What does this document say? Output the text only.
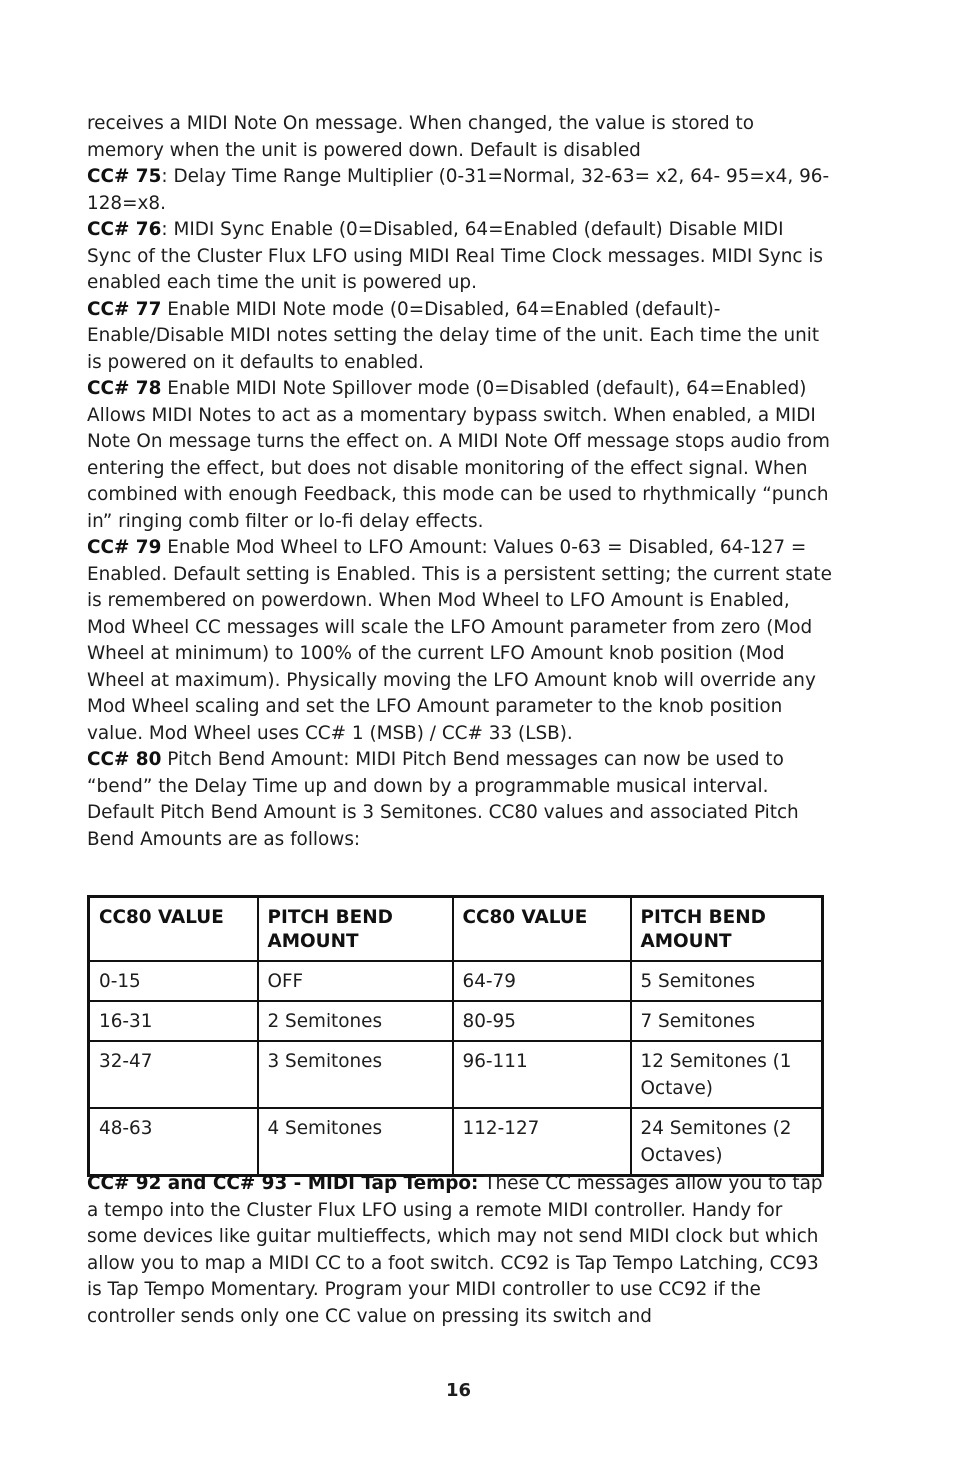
receives a MIDI Note On message. When changed, the value is stored to memory when the unit is powered down. Default is disabled

CC# 75: Delay Time Range Multiplier (0-31=Normal, 32-63= x2, 64- 95=x4, 96-128=x8.

CC# 76: MIDI Sync Enable (0=Disabled, 64=Enabled (default) Disable MIDI Sync of the Cluster Flux LFO using MIDI Real Time Clock messages. MIDI Sync is enabled each time the unit is powered up.

CC# 77 Enable MIDI Note mode (0=Disabled, 64=Enabled (default)- Enable/Disable MIDI notes setting the delay time of the unit. Each time the unit is powered on it defaults to enabled.

CC# 78 Enable MIDI Note Spillover mode (0=Disabled (default), 64=Enabled) Allows MIDI Notes to act as a momentary bypass switch. When enabled, a MIDI Note On message turns the effect on. A MIDI Note Off message stops audio from entering the effect, but does not disable monitoring of the effect signal. When combined with enough Feedback, this mode can be used to rhythmically “punch in” ringing comb filter or lo-fi delay effects.

CC# 79 Enable Mod Wheel to LFO Amount: Values 0-63 = Disabled, 64-127 = Enabled. Default setting is Enabled. This is a persistent setting; the current state is remembered on powerdown. When Mod Wheel to LFO Amount is Enabled, Mod Wheel CC messages will scale the LFO Amount parameter from zero (Mod Wheel at minimum) to 100% of the current LFO Amount knob position (Mod Wheel at maximum). Physically moving the LFO Amount knob will override any Mod Wheel scaling and set the LFO Amount parameter to the knob position value. Mod Wheel uses CC# 1 (MSB) / CC# 33 (LSB).

CC# 80 Pitch Bend Amount: MIDI Pitch Bend messages can now be used to “bend” the Delay Time up and down by a programmable musical interval. Default Pitch Bend Amount is 3 Semitones. CC80 values and associated Pitch Bend Amounts are as follows:

CC80 VALUE	PITCH BEND AMOUNT	CC80 VALUE	PITCH BEND AMOUNT
0-15	OFF	64-79	5 Semitones
16-31	2 Semitones	80-95	7 Semitones
32-47	3 Semitones	96-111	12 Semitones (1 Octave)
48-63	4 Semitones	112-127	24 Semitones (2 Octaves)

CC# 92 and CC# 93 - MIDI Tap Tempo: These CC messages allow you to tap a tempo into the Cluster Flux LFO using a remote MIDI controller. Handy for some devices like guitar multieffects, which may not send MIDI clock but which allow you to map a MIDI CC to a foot switch. CC92 is Tap Tempo Latching, CC93 is Tap Tempo Momentary. Program your MIDI controller to use CC92 if the controller sends only one CC value on pressing its switch and

16
